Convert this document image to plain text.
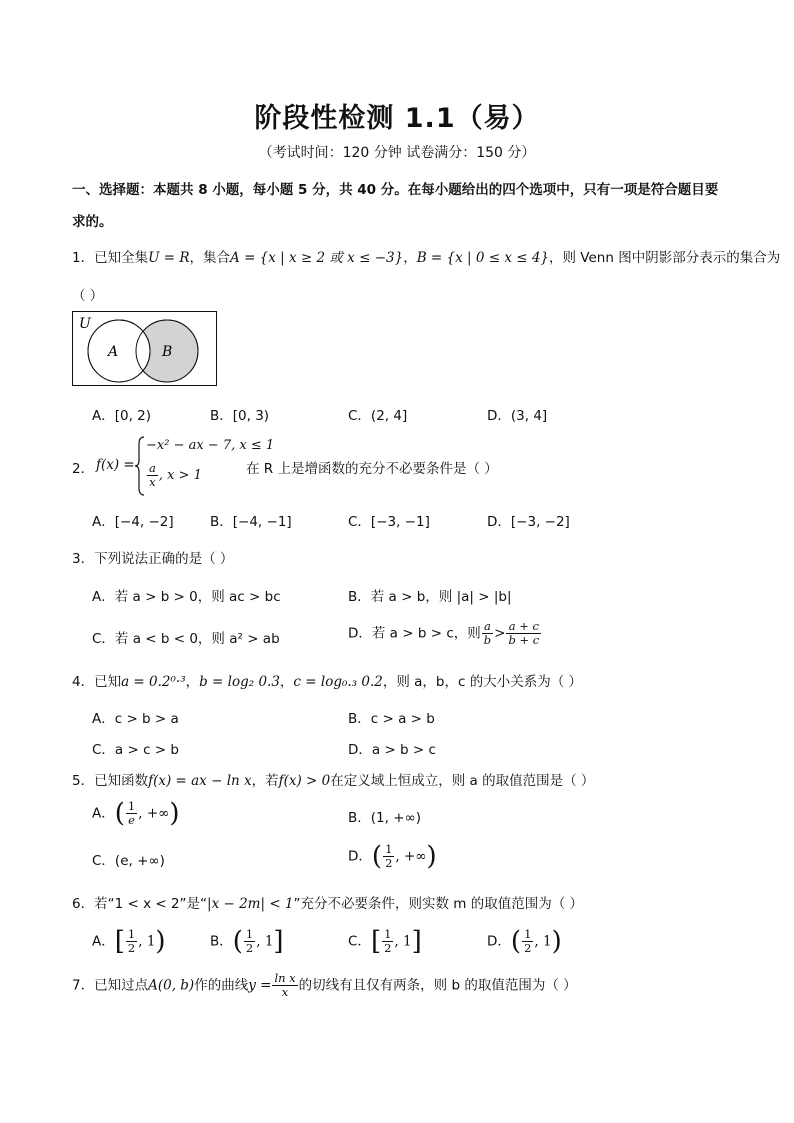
阶段性检测 1.1（易）
（考试时间：120 分钟 试卷满分：150 分）
一、选择题：本题共 8 小题，每小题 5 分，共 40 分。在每小题给出的四个选项中，只有一项是符合题目要
求的。
1．已知全集U = R，集合A = {x | x ≥ 2 或 x ≤ −3}，B = {x | 0 ≤ x ≤ 4}，则 Venn 图中阴影部分表示的集合为
（ ）
U
A	B
A．[0, 2)	B．[0, 3)	C．(2, 4]	D．(3, 4]
2． f(x) =
−x² − ax − 7, x ≤ 1
$\frac{a}{x}$ , x > 1	在 R 上是增函数的充分不必要条件是（ ）
A．[−4, −2]	B．[−4, −1]	C．[−3, −1]	D．[−3, −2]
3．下列说法正确的是（ ）
A．若 a > b > 0，则 ac > bc	B．若 a > b，则 |a| > |b|
C．若 a < b < 0，则 a² > ab	D．若 a > b > c，则 $\frac{a}{b} > \frac{a + c}{b + c}$
4．已知a = 0.2⁰·³，b = log₂ 0.3，c = log₀.₃ 0.2，则 a，b，c 的大小关系为（ ）
A．c > b > a	B．c > a > b
C．a > c > b	D．a > b > c
5．已知函数f(x) = ax − ln x，若f(x) > 0在定义域上恒成立，则 a 的取值范围是（ ）
A．( $\frac{1}{e}$ , +∞)	B．(1, +∞)
C．(e, +∞)	D．( $\frac{1}{2}$ , +∞)
6．若“1 < x < 2”是“|x − 2m| < 1”充分不必要条件，则实数 m 的取值范围为（ ）
A．[ $\frac{1}{2}$ , 1)	B．( $\frac{1}{2}$ , 1]	C．[ $\frac{1}{2}$ , 1]	D．( $\frac{1}{2}$ , 1)
7．已知过点A(0, b)作的曲线$y = \frac{\text{ln x}}{x}$ 的切线有且仅有两条，则 b 的取值范围为（ ）
